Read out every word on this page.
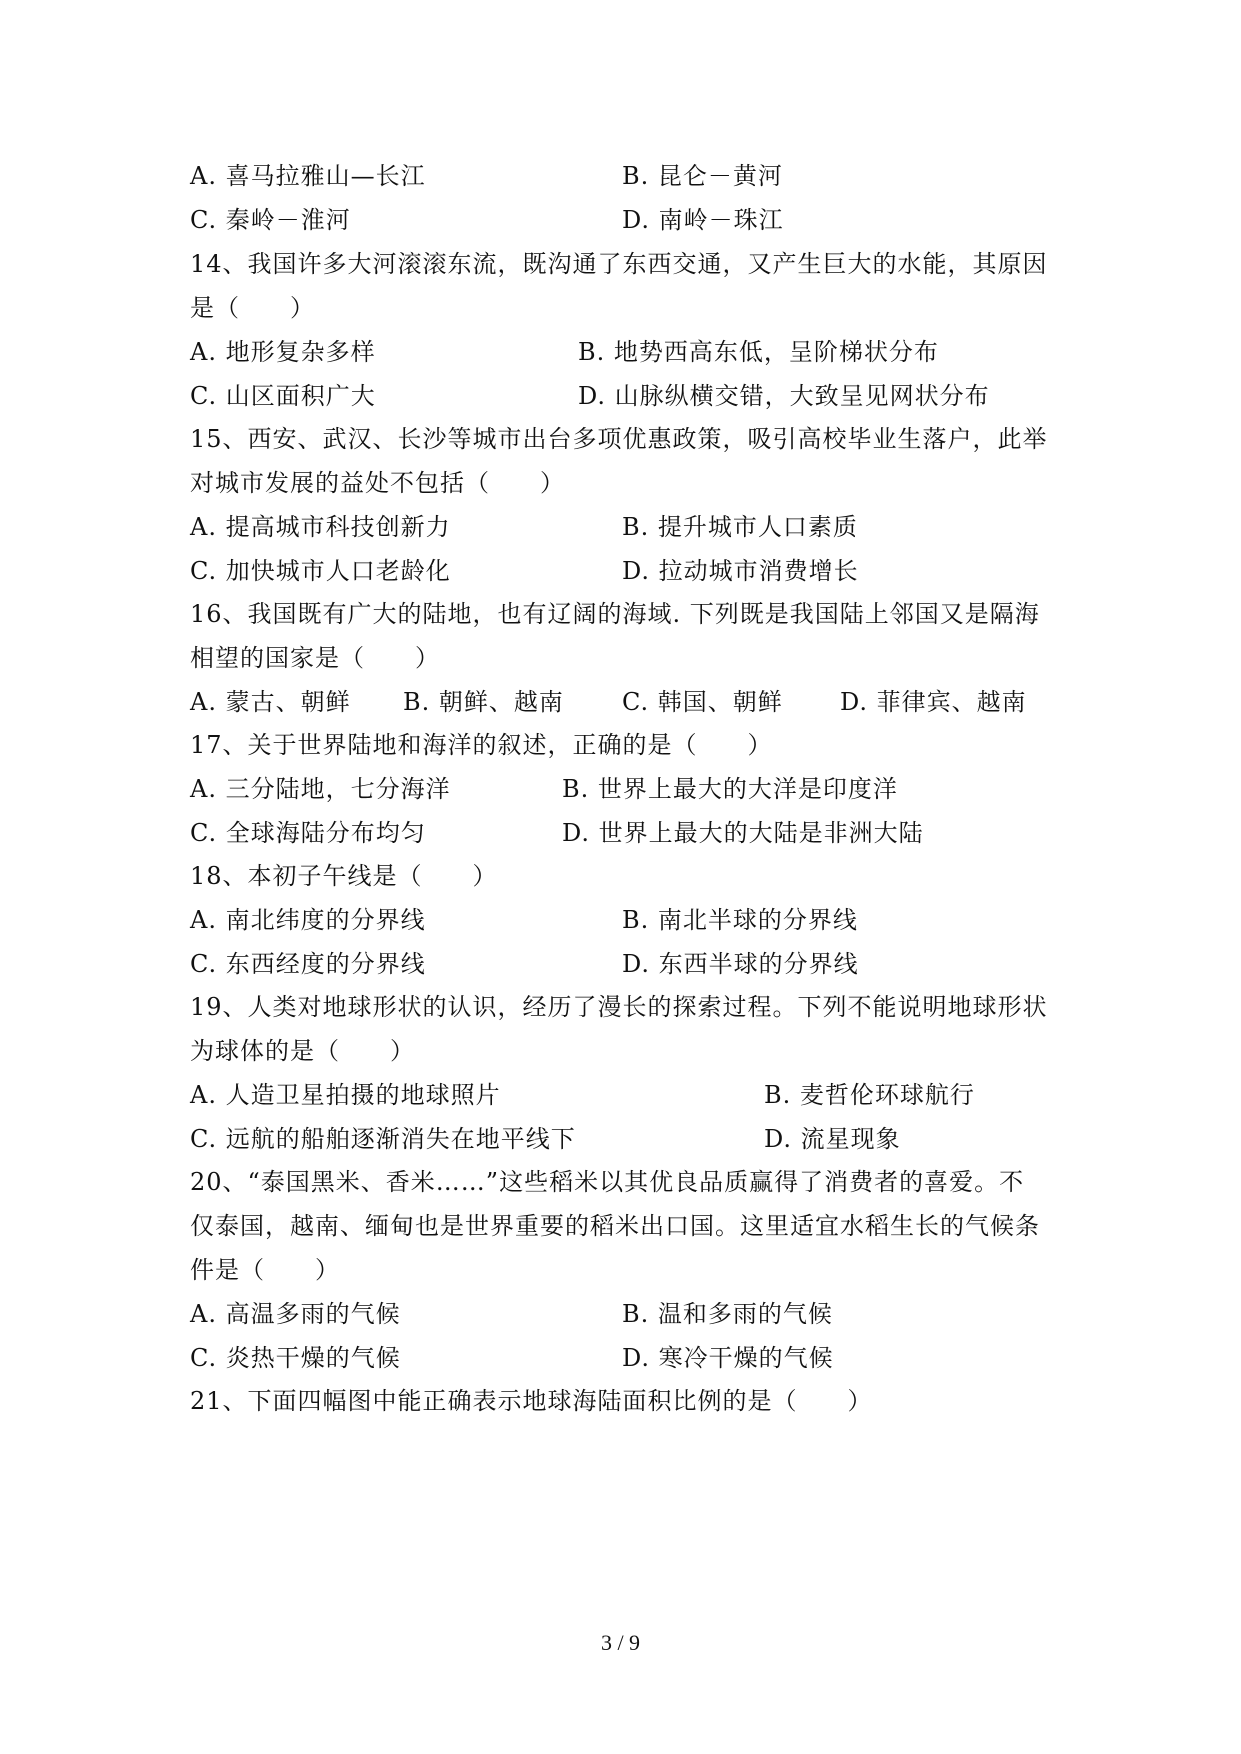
A. 喜马拉雅山—长江	B. 昆仑－黄河
C. 秦岭－淮河	D. 南岭－珠江
14、我国许多大河滚滚东流，既沟通了东西交通，又产生巨大的水能，其原因
是（　　）
A. 地形复杂多样	B. 地势西高东低，呈阶梯状分布
C. 山区面积广大	D. 山脉纵横交错，大致呈见网状分布
15、西安、武汉、长沙等城市出台多项优惠政策，吸引高校毕业生落户，此举
对城市发展的益处不包括（　　）
A. 提高城市科技创新力	B. 提升城市人口素质
C. 加快城市人口老龄化	D. 拉动城市消费增长
16、我国既有广大的陆地，也有辽阔的海域. 下列既是我国陆上邻国又是隔海
相望的国家是（　　）
A. 蒙古、朝鲜 B. 朝鲜、越南 C. 韩国、朝鲜 D. 菲律宾、越南
17、关于世界陆地和海洋的叙述，正确的是（　　）
A. 三分陆地，七分海洋	B. 世界上最大的大洋是印度洋
C. 全球海陆分布均匀	D. 世界上最大的大陆是非洲大陆
18、本初子午线是（　　）
A. 南北纬度的分界线	B. 南北半球的分界线
C. 东西经度的分界线	D. 东西半球的分界线
19、人类对地球形状的认识，经历了漫长的探索过程。下列不能说明地球形状
为球体的是（　　）
A. 人造卫星拍摄的地球照片	B. 麦哲伦环球航行
C. 远航的船舶逐渐消失在地平线下	D. 流星现象
20、“泰国黑米、香米……”这些稻米以其优良品质赢得了消费者的喜爱。不
仅泰国，越南、缅甸也是世界重要的稻米出口国。这里适宜水稻生长的气候条
件是（　　）
A. 高温多雨的气候	B. 温和多雨的气候
C. 炎热干燥的气候	D. 寒冷干燥的气候
21、下面四幅图中能正确表示地球海陆面积比例的是（　　）
3 / 9
